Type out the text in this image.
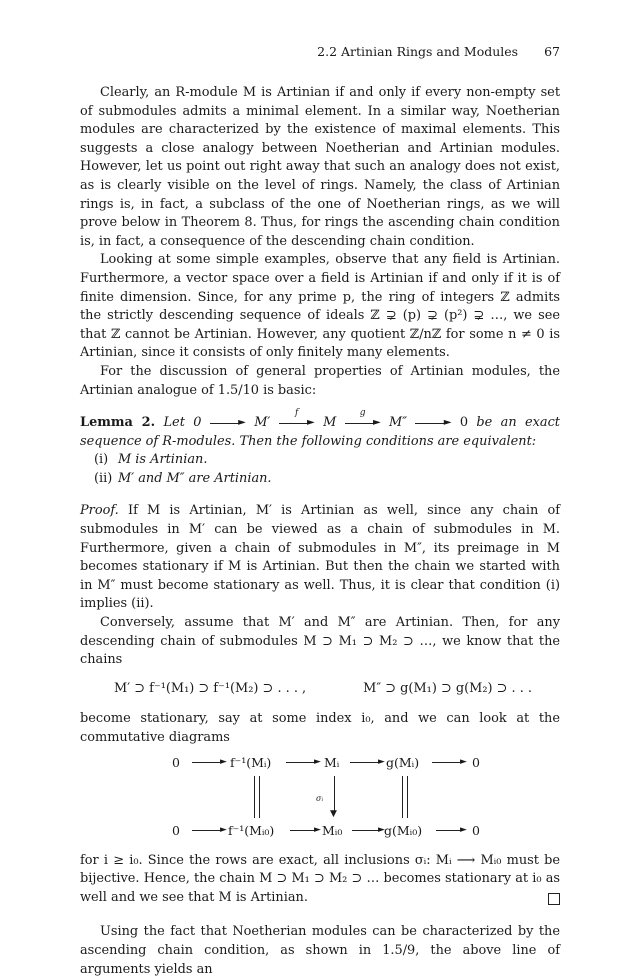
2.2 Artinian Rings and Modules 67

Clearly, an R-module M is Artinian if and only if every non-empty set of submodules admits a minimal element. In a similar way, Noetherian modules are characterized by the existence of maximal elements. This suggests a close analogy between Noetherian and Artinian modules. However, let us point out right away that such an analogy does not exist, as is clearly visible on the level of rings. Namely, the class of Artinian rings is, in fact, a subclass of the one of Noetherian rings, as we will prove below in Theorem 8. Thus, for rings the ascending chain condition is, in fact, a consequence of the descending chain condition.

Looking at some simple examples, observe that any field is Artinian. Furthermore, a vector space over a field is Artinian if and only if it is of finite dimension. Since, for any prime p, the ring of integers ℤ admits the strictly descending sequence of ideals ℤ ⊋ (p) ⊋ (p²) ⊋ …, we see that ℤ cannot be Artinian. However, any quotient ℤ/nℤ for some n ≠ 0 is Artinian, since it consists of only finitely many elements.

For the discussion of general properties of Artinian modules, the Artinian analogue of 1.5/10 is basic:

Lemma 2. Let 0	► M′
f
► M
g
► M″	► 0 be an exact sequence of R-modules. Then the following conditions are equivalent:

(i) M is Artinian.
(ii) M′ and M″ are Artinian.

Proof. If M is Artinian, M′ is Artinian as well, since any chain of submodules in M′ can be viewed as a chain of submodules in M. Furthermore, given a chain of submodules in M″, its preimage in M becomes stationary if M is Artinian. But then the chain we started with in M″ must become stationary as well. Thus, it is clear that condition (i) implies (ii).

Conversely, assume that M′ and M″ are Artinian. Then, for any descending chain of submodules M ⊃ M₁ ⊃ M₂ ⊃ …, we know that the chains

M′ ⊃ f⁻¹(M₁) ⊃ f⁻¹(M₂) ⊃ . . . ,	M″ ⊃ g(M₁) ⊃ g(M₂) ⊃ . . .

become stationary, say at some index i₀, and we can look at the commutative diagrams

0	► f⁻¹(Mᵢ)	► Mᵢ	► g(Mᵢ)	► 0
▼
σᵢ
0	► f⁻¹(Mᵢ₀)	► Mᵢ₀	► g(Mᵢ₀)	► 0

for i ≥ i₀. Since the rows are exact, all inclusions σᵢ: Mᵢ ⟶ Mᵢ₀ must be bijective. Hence, the chain M ⊃ M₁ ⊃ M₂ ⊃ … becomes stationary at i₀ as well and we see that M is Artinian.

Using the fact that Noetherian modules can be characterized by the ascending chain condition, as shown in 1.5/9, the above line of arguments yields an
